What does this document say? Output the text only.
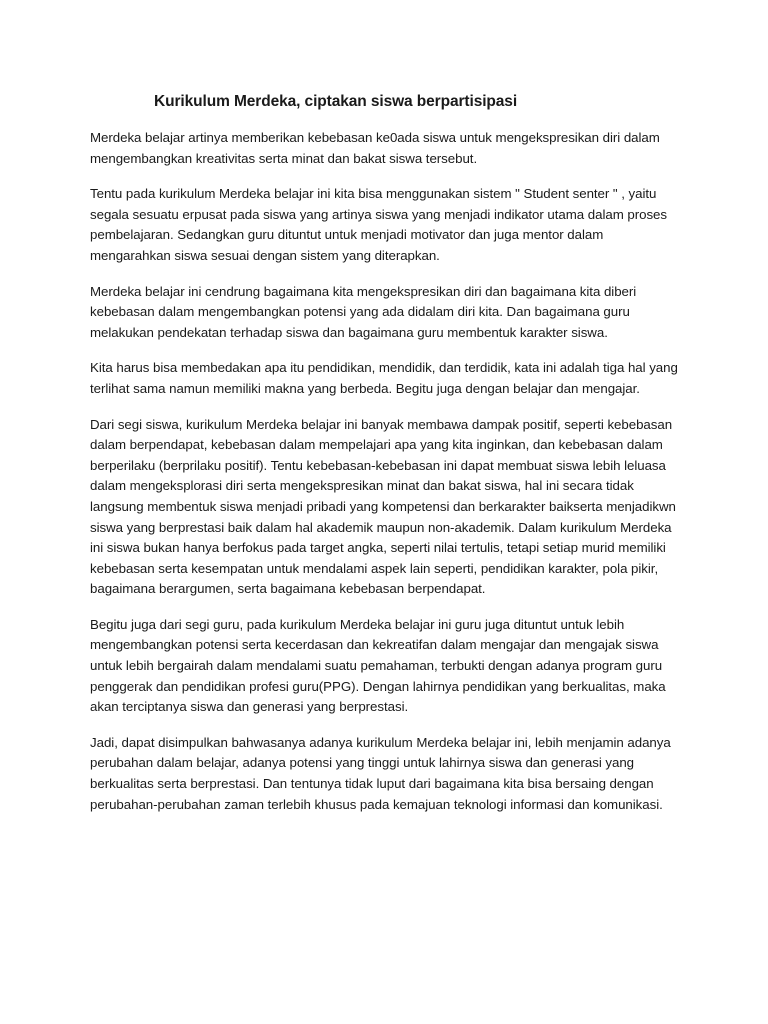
Kurikulum Merdeka, ciptakan siswa berpartisipasi

Merdeka belajar artinya memberikan kebebasan ke0ada siswa untuk mengekspresikan diri dalam mengembangkan kreativitas serta minat dan bakat siswa tersebut.

Tentu pada kurikulum Merdeka belajar ini kita bisa menggunakan sistem " Student senter " , yaitu segala sesuatu erpusat pada siswa yang artinya siswa yang menjadi indikator utama dalam proses pembelajaran. Sedangkan guru dituntut untuk menjadi motivator dan juga mentor dalam mengarahkan siswa sesuai dengan sistem yang diterapkan.

Merdeka belajar ini cendrung bagaimana kita mengekspresikan diri dan bagaimana kita diberi kebebasan dalam mengembangkan potensi yang ada didalam diri kita. Dan bagaimana guru melakukan pendekatan terhadap siswa dan bagaimana guru membentuk karakter siswa.

Kita harus bisa membedakan apa itu pendidikan, mendidik, dan terdidik, kata ini adalah tiga hal yang terlihat sama namun memiliki makna yang berbeda. Begitu juga dengan belajar dan mengajar.

Dari segi siswa, kurikulum Merdeka belajar ini banyak membawa dampak positif, seperti kebebasan dalam berpendapat, kebebasan dalam mempelajari apa yang kita inginkan, dan kebebasan dalam berperilaku (berprilaku positif). Tentu kebebasan-kebebasan ini dapat membuat siswa lebih leluasa dalam mengeksplorasi diri serta mengekspresikan minat dan bakat siswa, hal ini secara tidak langsung membentuk siswa menjadi pribadi yang kompetensi dan berkarakter baikserta menjadikwn siswa yang berprestasi baik dalam hal akademik maupun non-akademik. Dalam kurikulum Merdeka ini siswa bukan hanya berfokus pada target angka, seperti nilai tertulis, tetapi setiap murid memiliki kebebasan serta kesempatan untuk mendalami aspek lain seperti, pendidikan karakter, pola pikir, bagaimana berargumen, serta bagaimana kebebasan berpendapat.

Begitu juga dari segi guru, pada kurikulum Merdeka belajar ini guru juga dituntut untuk lebih mengembangkan potensi serta kecerdasan dan kekreatifan dalam mengajar dan mengajak siswa untuk lebih bergairah dalam mendalami suatu pemahaman, terbukti dengan adanya program guru penggerak dan pendidikan profesi guru(PPG). Dengan lahirnya pendidikan yang berkualitas, maka akan terciptanya siswa dan generasi yang berprestasi.

Jadi, dapat disimpulkan bahwasanya adanya kurikulum Merdeka belajar ini, lebih menjamin adanya perubahan dalam belajar, adanya potensi yang tinggi untuk lahirnya siswa dan generasi yang berkualitas serta berprestasi. Dan tentunya tidak luput dari bagaimana kita bisa bersaing dengan perubahan-perubahan zaman terlebih khusus pada kemajuan teknologi informasi dan komunikasi.
